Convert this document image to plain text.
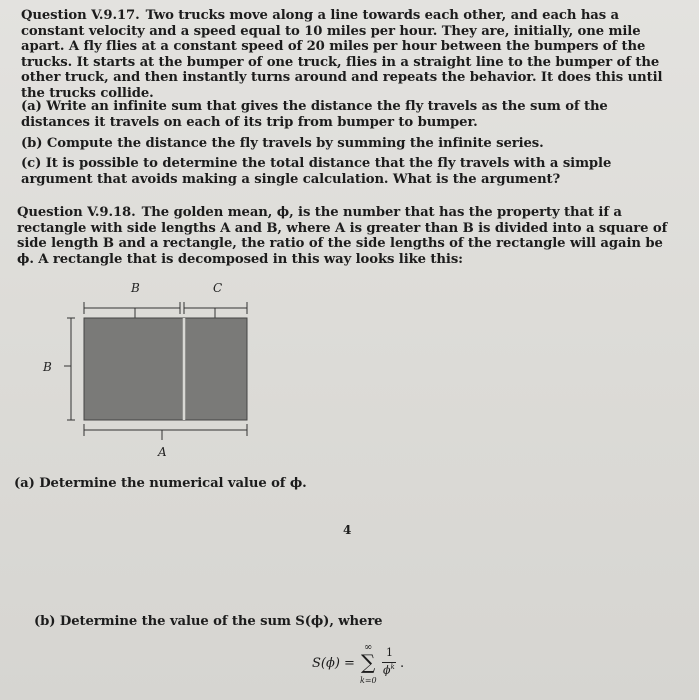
Question V.9.17. Two trucks move along a line towards each other, and each has a constant velocity and a speed equal to 10 miles per hour. They are, initially, one mile apart. A fly flies at a constant speed of 20 miles per hour between the bumpers of the trucks. It starts at the bumper of one truck, flies in a straight line to the bumper of the other truck, and then instantly turns around and repeats the behavior. It does this until the trucks collide.
(a) Write an infinite sum that gives the distance the fly travels as the sum of the distances it travels on each of its trip from bumper to bumper.
(b) Compute the distance the fly travels by summing the infinite series.
(c) It is possible to determine the total distance that the fly travels with a simple argument that avoids making a single calculation. What is the argument?
Question V.9.18. The golden mean, ϕ, is the number that has the property that if a rectangle with side lengths A and B, where A is greater than B is divided into a square of side length B and a rectangle, the ratio of the side lengths of the rectangle will again be ϕ. A rectangle that is decomposed in this way looks like this:
B	C
B
A
(a) Determine the numerical value of ϕ.
4
(b) Determine the value of the sum S(ϕ), where
S(ϕ) =
∞
∑
k=0
1
$\phi^k$ .
